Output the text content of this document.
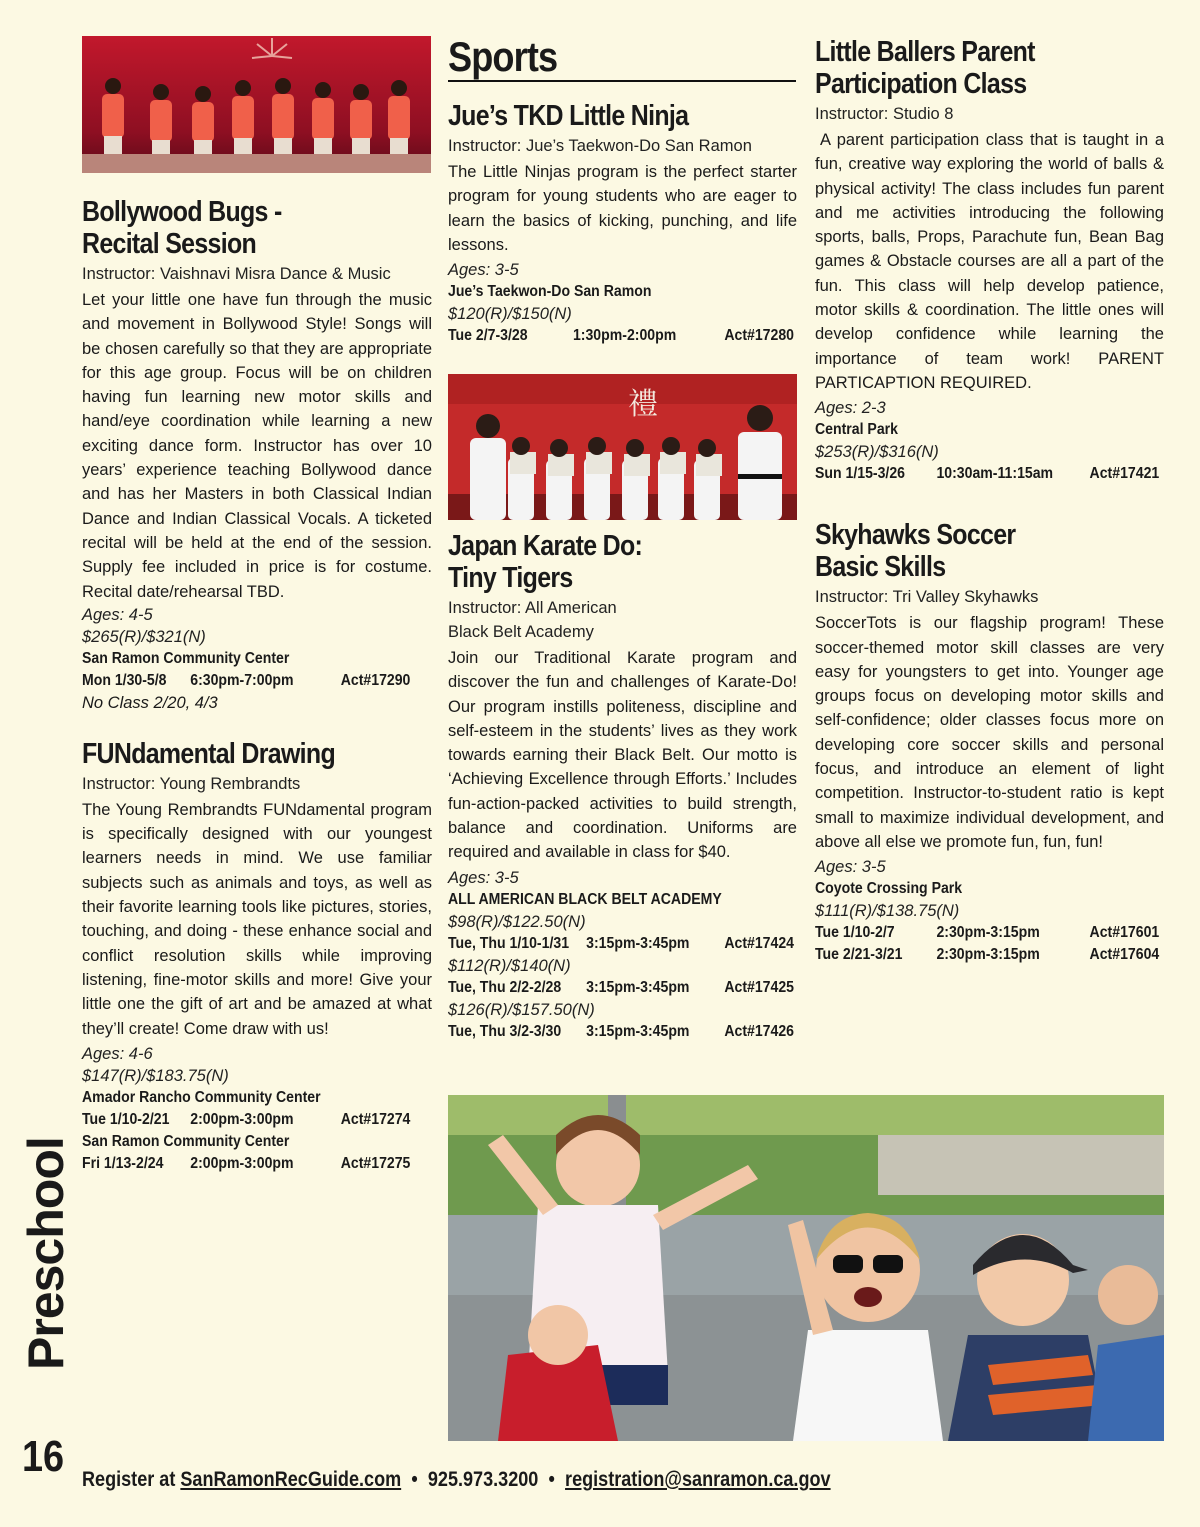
Bollywood Bugs -
Recital Session
Instructor: Vaishnavi Misra Dance & Music

Let your little one have fun through the music and movement in Bollywood Style! Songs will be chosen carefully so that they are appropriate for this age group. Focus will be on children having fun learning new motor skills and hand/eye coordination while learning a new exciting dance form. Instructor has over 10 years’ experience teaching Bollywood dance and has her Masters in both Classical Indian Dance and Indian Classical Vocals. A ticketed recital will be held at the end of the session. Supply fee included in price is for costume. Recital date/rehearsal TBD.

Ages: 4-5
$265(R)/$321(N)
San Ramon Community Center
Mon 1/30-5/8	6:30pm-7:00pm	Act#17290
No Class 2/20, 4/3
FUNdamental Drawing
Instructor: Young Rembrandts

The Young Rembrandts FUNdamental program is specifically designed with our youngest learners needs in mind. We use familiar subjects such as animals and toys, as well as their favorite learning tools like pictures, stories, touching, and doing - these enhance social and conflict resolution skills while improving listening, fine-motor skills and more! Give your little one the gift of art and be amazed at what they’ll create! Come draw with us!

Ages: 4-6
$147(R)/$183.75(N)
Amador Rancho Community Center
Tue 1/10-2/21	2:00pm-3:00pm	Act#17274
San Ramon Community Center
Fri 1/13-2/24	2:00pm-3:00pm	Act#17275
Sports
Jue’s TKD Little Ninja
Instructor: Jue’s Taekwon-Do San Ramon

The Little Ninjas program is the perfect starter program for young students who are eager to learn the basics of kicking, punching, and life lessons.

Ages: 3-5
Jue’s Taekwon-Do San Ramon
$120(R)/$150(N)
Tue 2/7-3/28	1:30pm-2:00pm	Act#17280
禮
Japan Karate Do:
Tiny Tigers
Instructor: All American
Black Belt Academy

Join our Traditional Karate program and discover the fun and challenges of Karate-Do! Our program instills politeness, discipline and self-esteem in the students’ lives as they work towards earning their Black Belt. Our motto is ‘Achieving Excellence through Efforts.’ Includes fun-action-packed activities to build strength, balance and coordination. Uniforms are required and available in class for $40.

Ages: 3-5
ALL AMERICAN BLACK BELT ACADEMY
$98(R)/$122.50(N)
Tue, Thu 1/10-1/31	3:15pm-3:45pm	Act#17424
$112(R)/$140(N)
Tue, Thu 2/2-2/28	3:15pm-3:45pm	Act#17425
$126(R)/$157.50(N)
Tue, Thu 3/2-3/30	3:15pm-3:45pm	Act#17426
Little Ballers Parent
Participation Class
Instructor: Studio 8

A parent participation class that is taught in a fun, creative way exploring the world of balls & physical activity! The class includes fun parent and me activities introducing the following sports, balls, Props, Parachute fun, Bean Bag games & Obstacle courses are all a part of the fun. This class will help develop patience, motor skills & coordination. The little ones will develop confidence while learning the importance of team work! PARENT PARTICAPTION REQUIRED.

Ages: 2-3
Central Park
$253(R)/$316(N)
Sun 1/15-3/26	10:30am-11:15am	Act#17421
Skyhawks Soccer
Basic Skills
Instructor: Tri Valley Skyhawks

SoccerTots is our flagship program! These soccer-themed motor skill classes are very easy for youngsters to get into. Younger age groups focus on developing motor skills and self-confidence; older classes focus more on developing core soccer skills and personal focus, and introduce an element of light competition. Instructor-to-student ratio is kept small to maximize individual development, and above all else we promote fun, fun, fun!

Ages: 3-5
Coyote Crossing Park
$111(R)/$138.75(N)
Tue 1/10-2/7	2:30pm-3:15pm	Act#17601
Tue 2/21-3/21	2:30pm-3:15pm	Act#17604
Preschool
16 Register at SanRamonRecGuide.com • 925.973.3200 • registration@sanramon.ca.gov
